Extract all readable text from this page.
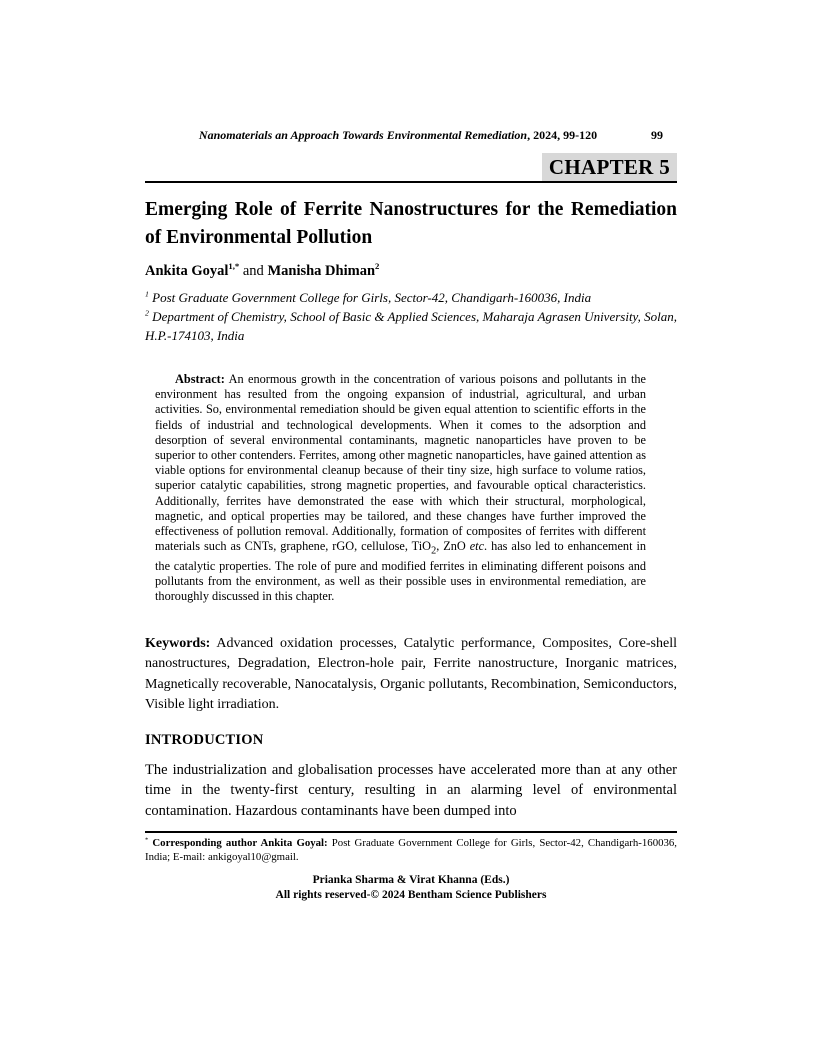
Nanomaterials an Approach Towards Environmental Remediation, 2024, 99-120	99
CHAPTER 5
Emerging Role of Ferrite Nanostructures for the Remediation of Environmental Pollution
Ankita Goyal$^{1,*}$ and Manisha Dhiman$^2$

$^1$ Post Graduate Government College for Girls, Sector-42, Chandigarh-160036, India

$^2$ Department of Chemistry, School of Basic & Applied Sciences, Maharaja Agrasen University, Solan, H.P.-174103, India

Abstract: An enormous growth in the concentration of various poisons and pollutants in the environment has resulted from the ongoing expansion of industrial, agricultural, and urban activities. So, environmental remediation should be given equal attention to scientific efforts in the fields of industrial and technological developments. When it comes to the adsorption and desorption of several environmental contaminants, magnetic nanoparticles have proven to be superior to other contenders. Ferrites, among other magnetic nanoparticles, have gained attention as viable options for environmental cleanup because of their tiny size, high surface to volume ratios, superior catalytic capabilities, strong magnetic properties, and favourable optical characteristics. Additionally, ferrites have demonstrated the ease with which their structural, morphological, magnetic, and optical properties may be tailored, and these changes have further improved the effectiveness of pollution removal. Additionally, formation of composites of ferrites with different materials such as CNTs, graphene, rGO, cellulose, TiO$_2$, ZnO etc. has also led to enhancement in the catalytic properties. The role of pure and modified ferrites in eliminating different poisons and pollutants from the environment, as well as their possible uses in environmental remediation, are thoroughly discussed in this chapter.

Keywords: Advanced oxidation processes, Catalytic performance, Composites, Core-shell nanostructures, Degradation, Electron-hole pair, Ferrite nanostructure, Inorganic matrices, Magnetically recoverable, Nanocatalysis, Organic pollutants, Recombination, Semiconductors, Visible light irradiation.

INTRODUCTION

The industrialization and globalisation processes have accelerated more than at any other time in the twenty-first century, resulting in an alarming level of environmental contamination. Hazardous contaminants have been dumped into

* Corresponding author Ankita Goyal: Post Graduate Government College for Girls, Sector-42, Chandigarh-160036, India; E-mail: ankigoyal10@gmail.

Prianka Sharma & Virat Khanna (Eds.)

All rights reserved-© 2024 Bentham Science Publishers
